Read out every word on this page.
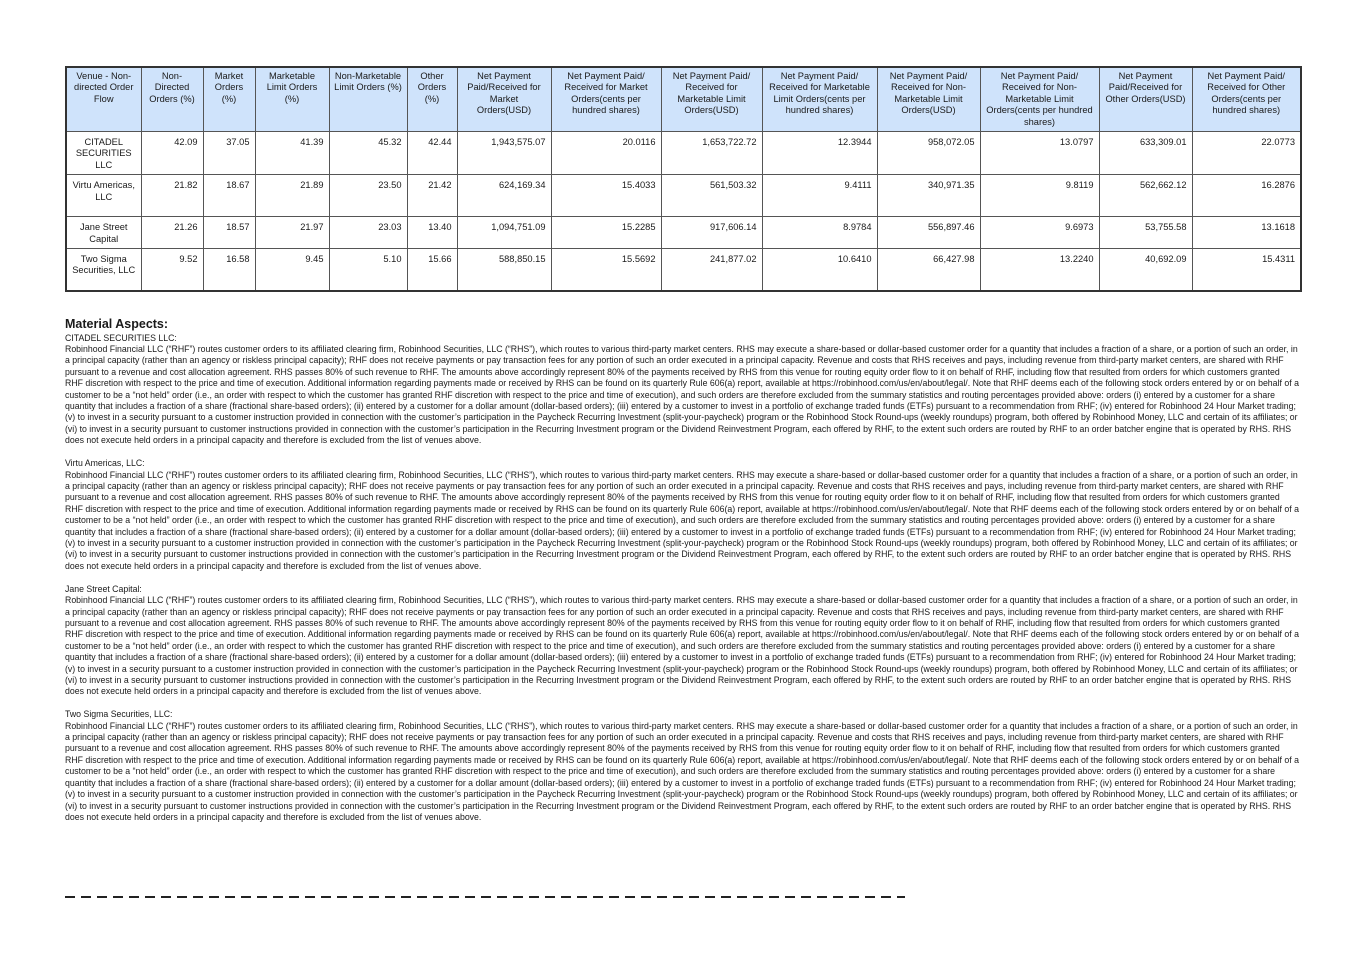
Venue - Non-directed Order Flow	Non-Directed Orders (%)	Market Orders (%)	Marketable Limit Orders (%)	Non-Marketable Limit Orders (%)	Other Orders (%)	Net Payment Paid/Received for Market Orders(USD)	Net Payment Paid/ Received for Market Orders(cents per hundred shares)	Net Payment Paid/ Received for Marketable Limit Orders(USD)	Net Payment Paid/ Received for Marketable Limit Orders(cents per hundred shares)	Net Payment Paid/ Received for Non-Marketable Limit Orders(USD)	Net Payment Paid/ Received for Non-Marketable Limit Orders(cents per hundred shares)	Net Payment Paid/Received for Other Orders(USD)	Net Payment Paid/ Received for Other Orders(cents per hundred shares)
CITADEL SECURITIES LLC	42.09	37.05	41.39	45.32	42.44	1,943,575.07	20.0116	1,653,722.72	12.3944	958,072.05	13.0797	633,309.01	22.0773
Virtu Americas, LLC	21.82	18.67	21.89	23.50	21.42	624,169.34	15.4033	561,503.32	9.4111	340,971.35	9.8119	562,662.12	16.2876
Jane Street Capital	21.26	18.57	21.97	23.03	13.40	1,094,751.09	15.2285	917,606.14	8.9784	556,897.46	9.6973	53,755.58	13.1618
Two Sigma Securities, LLC	9.52	16.58	9.45	5.10	15.66	588,850.15	15.5692	241,877.02	10.6410	66,427.98	13.2240	40,692.09	15.4311
Material Aspects:
CITADEL SECURITIES LLC:
Robinhood Financial LLC (“RHF”) routes customer orders to its affiliated clearing firm, Robinhood Securities, LLC (“RHS”), which routes to various third-party market centers. RHS may execute a share-based or dollar-based customer order for a quantity that includes a fraction of a share, or a portion of such an order, in a principal capacity (rather than an agency or riskless principal capacity); RHF does not receive payments or pay transaction fees for any portion of such an order executed in a principal capacity. Revenue and costs that RHS receives and pays, including revenue from third-party market centers, are shared with RHF pursuant to a revenue and cost allocation agreement. RHS passes 80% of such revenue to RHF. The amounts above accordingly represent 80% of the payments received by RHS from this venue for routing equity order flow to it on behalf of RHF, including flow that resulted from orders for which customers granted RHF discretion with respect to the price and time of execution. Additional information regarding payments made or received by RHS can be found on its quarterly Rule 606(a) report, available at https://robinhood.com/us/en/about/legal/. Note that RHF deems each of the following stock orders entered by or on behalf of a customer to be a “not held” order (i.e., an order with respect to which the customer has granted RHF discretion with respect to the price and time of execution), and such orders are therefore excluded from the summary statistics and routing percentages provided above: orders (i) entered by a customer for a share quantity that includes a fraction of a share (fractional share-based orders); (ii) entered by a customer for a dollar amount (dollar-based orders); (iii) entered by a customer to invest in a portfolio of exchange traded funds (ETFs) pursuant to a recommendation from RHF; (iv) entered for Robinhood 24 Hour Market trading; (v) to invest in a security pursuant to a customer instruction provided in connection with the customer’s participation in the Paycheck Recurring Investment (split-your-paycheck) program or the Robinhood Stock Round-ups (weekly roundups) program, both offered by Robinhood Money, LLC and certain of its affiliates; or (vi) to invest in a security pursuant to customer instructions provided in connection with the customer’s participation in the Recurring Investment program or the Dividend Reinvestment Program, each offered by RHF, to the extent such orders are routed by RHF to an order batcher engine that is operated by RHS. RHS does not execute held orders in a principal capacity and therefore is excluded from the list of venues above.
Virtu Americas, LLC:
Robinhood Financial LLC (“RHF”) routes customer orders to its affiliated clearing firm, Robinhood Securities, LLC (“RHS”), which routes to various third-party market centers. RHS may execute a share-based or dollar-based customer order for a quantity that includes a fraction of a share, or a portion of such an order, in a principal capacity (rather than an agency or riskless principal capacity); RHF does not receive payments or pay transaction fees for any portion of such an order executed in a principal capacity. Revenue and costs that RHS receives and pays, including revenue from third-party market centers, are shared with RHF pursuant to a revenue and cost allocation agreement. RHS passes 80% of such revenue to RHF. The amounts above accordingly represent 80% of the payments received by RHS from this venue for routing equity order flow to it on behalf of RHF, including flow that resulted from orders for which customers granted RHF discretion with respect to the price and time of execution. Additional information regarding payments made or received by RHS can be found on its quarterly Rule 606(a) report, available at https://robinhood.com/us/en/about/legal/. Note that RHF deems each of the following stock orders entered by or on behalf of a customer to be a “not held” order (i.e., an order with respect to which the customer has granted RHF discretion with respect to the price and time of execution), and such orders are therefore excluded from the summary statistics and routing percentages provided above: orders (i) entered by a customer for a share quantity that includes a fraction of a share (fractional share-based orders); (ii) entered by a customer for a dollar amount (dollar-based orders); (iii) entered by a customer to invest in a portfolio of exchange traded funds (ETFs) pursuant to a recommendation from RHF; (iv) entered for Robinhood 24 Hour Market trading; (v) to invest in a security pursuant to a customer instruction provided in connection with the customer’s participation in the Paycheck Recurring Investment (split-your-paycheck) program or the Robinhood Stock Round-ups (weekly roundups) program, both offered by Robinhood Money, LLC and certain of its affiliates; or (vi) to invest in a security pursuant to customer instructions provided in connection with the customer’s participation in the Recurring Investment program or the Dividend Reinvestment Program, each offered by RHF, to the extent such orders are routed by RHF to an order batcher engine that is operated by RHS. RHS does not execute held orders in a principal capacity and therefore is excluded from the list of venues above.
Jane Street Capital:
Robinhood Financial LLC (“RHF”) routes customer orders to its affiliated clearing firm, Robinhood Securities, LLC (“RHS”), which routes to various third-party market centers. RHS may execute a share-based or dollar-based customer order for a quantity that includes a fraction of a share, or a portion of such an order, in a principal capacity (rather than an agency or riskless principal capacity); RHF does not receive payments or pay transaction fees for any portion of such an order executed in a principal capacity. Revenue and costs that RHS receives and pays, including revenue from third-party market centers, are shared with RHF pursuant to a revenue and cost allocation agreement. RHS passes 80% of such revenue to RHF. The amounts above accordingly represent 80% of the payments received by RHS from this venue for routing equity order flow to it on behalf of RHF, including flow that resulted from orders for which customers granted RHF discretion with respect to the price and time of execution. Additional information regarding payments made or received by RHS can be found on its quarterly Rule 606(a) report, available at https://robinhood.com/us/en/about/legal/. Note that RHF deems each of the following stock orders entered by or on behalf of a customer to be a “not held” order (i.e., an order with respect to which the customer has granted RHF discretion with respect to the price and time of execution), and such orders are therefore excluded from the summary statistics and routing percentages provided above: orders (i) entered by a customer for a share quantity that includes a fraction of a share (fractional share-based orders); (ii) entered by a customer for a dollar amount (dollar-based orders); (iii) entered by a customer to invest in a portfolio of exchange traded funds (ETFs) pursuant to a recommendation from RHF; (iv) entered for Robinhood 24 Hour Market trading; (v) to invest in a security pursuant to a customer instruction provided in connection with the customer’s participation in the Paycheck Recurring Investment (split-your-paycheck) program or the Robinhood Stock Round-ups (weekly roundups) program, both offered by Robinhood Money, LLC and certain of its affiliates; or (vi) to invest in a security pursuant to customer instructions provided in connection with the customer’s participation in the Recurring Investment program or the Dividend Reinvestment Program, each offered by RHF, to the extent such orders are routed by RHF to an order batcher engine that is operated by RHS. RHS does not execute held orders in a principal capacity and therefore is excluded from the list of venues above.
Two Sigma Securities, LLC:
Robinhood Financial LLC (“RHF”) routes customer orders to its affiliated clearing firm, Robinhood Securities, LLC (“RHS”), which routes to various third-party market centers. RHS may execute a share-based or dollar-based customer order for a quantity that includes a fraction of a share, or a portion of such an order, in a principal capacity (rather than an agency or riskless principal capacity); RHF does not receive payments or pay transaction fees for any portion of such an order executed in a principal capacity. Revenue and costs that RHS receives and pays, including revenue from third-party market centers, are shared with RHF pursuant to a revenue and cost allocation agreement. RHS passes 80% of such revenue to RHF. The amounts above accordingly represent 80% of the payments received by RHS from this venue for routing equity order flow to it on behalf of RHF, including flow that resulted from orders for which customers granted RHF discretion with respect to the price and time of execution. Additional information regarding payments made or received by RHS can be found on its quarterly Rule 606(a) report, available at https://robinhood.com/us/en/about/legal/. Note that RHF deems each of the following stock orders entered by or on behalf of a customer to be a “not held” order (i.e., an order with respect to which the customer has granted RHF discretion with respect to the price and time of execution), and such orders are therefore excluded from the summary statistics and routing percentages provided above: orders (i) entered by a customer for a share quantity that includes a fraction of a share (fractional share-based orders); (ii) entered by a customer for a dollar amount (dollar-based orders); (iii) entered by a customer to invest in a portfolio of exchange traded funds (ETFs) pursuant to a recommendation from RHF; (iv) entered for Robinhood 24 Hour Market trading; (v) to invest in a security pursuant to a customer instruction provided in connection with the customer’s participation in the Paycheck Recurring Investment (split-your-paycheck) program or the Robinhood Stock Round-ups (weekly roundups) program, both offered by Robinhood Money, LLC and certain of its affiliates; or (vi) to invest in a security pursuant to customer instructions provided in connection with the customer’s participation in the Recurring Investment program or the Dividend Reinvestment Program, each offered by RHF, to the extent such orders are routed by RHF to an order batcher engine that is operated by RHS. RHS does not execute held orders in a principal capacity and therefore is excluded from the list of venues above.
